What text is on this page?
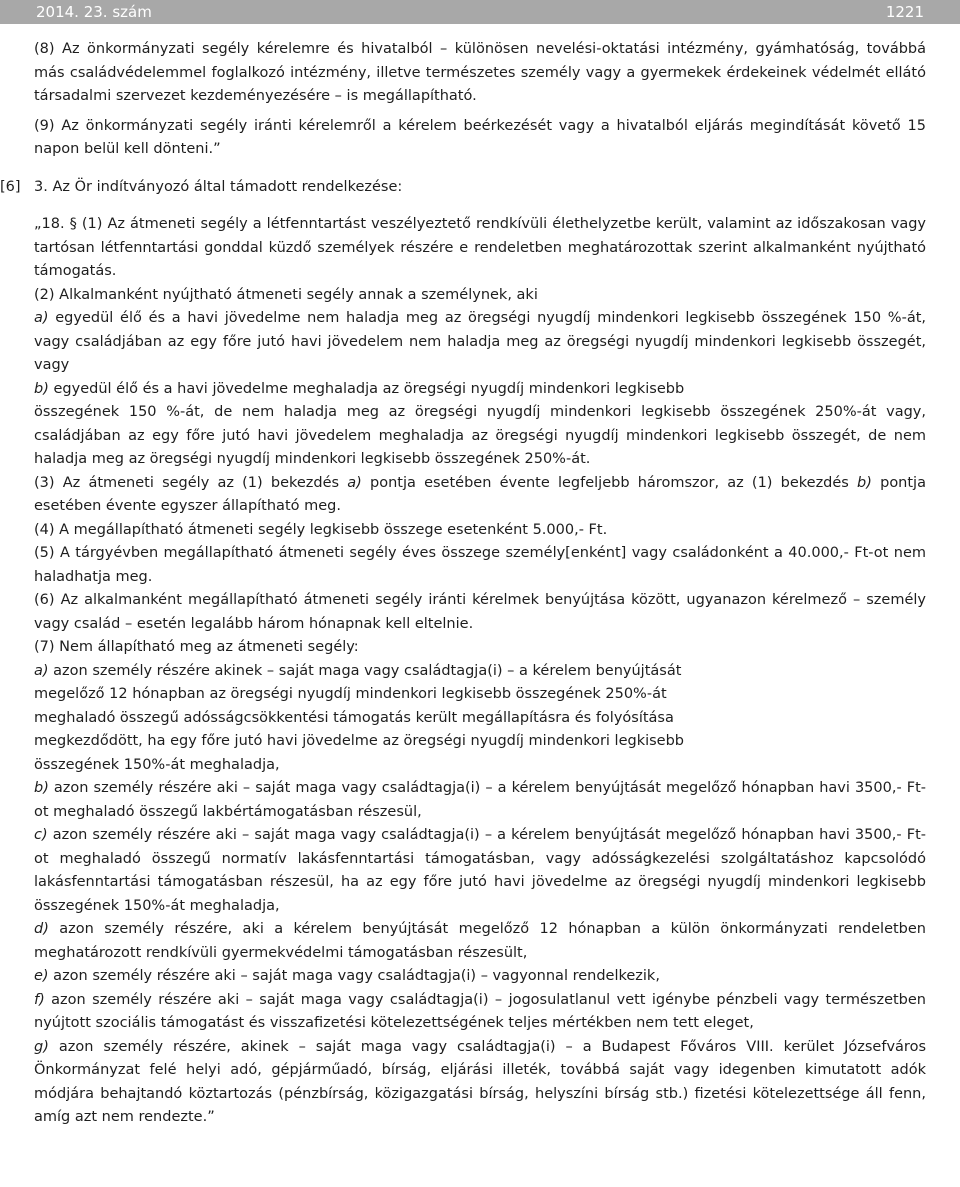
2014. 23. szám	1221

(8) Az önkormányzati segély kérelemre és hivatalból – különösen nevelési-oktatási intézmény, gyámhatóság, továbbá más családvédelemmel foglalkozó intézmény, illetve természetes személy vagy a gyermekek érdekeinek védelmét ellátó társadalmi szervezet kezdeményezésére – is megállapítható.

(9) Az önkormányzati segély iránti kérelemről a kérelem beérkezését vagy a hivatalból eljárás megindítását követő 15 napon belül kell dönteni.”

[6] 3. Az Ör indítványozó által támadott rendelkezése:

„18. § (1) Az átmeneti segély a létfenntartást veszélyeztető rendkívüli élethelyzetbe került, valamint az időszakosan vagy tartósan létfenntartási gonddal küzdő személyek részére e rendeletben meghatározottak szerint alkalmanként nyújtható támogatás.

(2) Alkalmanként nyújtható átmeneti segély annak a személynek, aki

a) egyedül élő és a havi jövedelme nem haladja meg az öregségi nyugdíj mindenkori legkisebb összegének 150 %-át, vagy családjában az egy főre jutó havi jövedelem nem haladja meg az öregségi nyugdíj mindenkori legkisebb összegét, vagy

b) egyedül élő és a havi jövedelme meghaladja az öregségi nyugdíj mindenkori legkisebb

összegének 150 %-át, de nem haladja meg az öregségi nyugdíj mindenkori legkisebb összegének 250%-át vagy, családjában az egy főre jutó havi jövedelem meghaladja az öregségi nyugdíj mindenkori legkisebb összegét, de nem haladja meg az öregségi nyugdíj mindenkori legkisebb összegének 250%-át.

(3) Az átmeneti segély az (1) bekezdés a) pontja esetében évente legfeljebb háromszor, az (1) bekezdés b) pontja esetében évente egyszer állapítható meg.

(4) A megállapítható átmeneti segély legkisebb összege esetenként 5.000,- Ft.

(5) A tárgyévben megállapítható átmeneti segély éves összege személy[enként] vagy családonként a 40.000,- Ft-ot nem haladhatja meg.

(6) Az alkalmanként megállapítható átmeneti segély iránti kérelmek benyújtása között, ugyanazon kérelmező – személy vagy család – esetén legalább három hónapnak kell eltelnie.

(7) Nem állapítható meg az átmeneti segély:

a) azon személy részére akinek – saját maga vagy családtagja(i) – a kérelem benyújtását

megelőző 12 hónapban az öregségi nyugdíj mindenkori legkisebb összegének 250%-át

meghaladó összegű adósságcsökkentési támogatás került megállapításra és folyósítása

megkezdődött, ha egy főre jutó havi jövedelme az öregségi nyugdíj mindenkori legkisebb

összegének 150%-át meghaladja,

b) azon személy részére aki – saját maga vagy családtagja(i) – a kérelem benyújtását megelőző hónapban havi 3500,- Ft-ot meghaladó összegű lakbértámogatásban részesül,

c) azon személy részére aki – saját maga vagy családtagja(i) – a kérelem benyújtását megelőző hónapban havi 3500,- Ft-ot meghaladó összegű normatív lakásfenntartási támogatásban, vagy adósságkezelési szolgáltatáshoz kapcsolódó lakásfenntartási támogatásban részesül, ha az egy főre jutó havi jövedelme az öregségi nyugdíj mindenkori legkisebb összegének 150%-át meghaladja,

d) azon személy részére, aki a kérelem benyújtását megelőző 12 hónapban a külön önkormányzati rendeletben meghatározott rendkívüli gyermekvédelmi támogatásban részesült,

e) azon személy részére aki – saját maga vagy családtagja(i) – vagyonnal rendelkezik,

f) azon személy részére aki – saját maga vagy családtagja(i) – jogosulatlanul vett igénybe pénzbeli vagy természetben nyújtott szociális támogatást és visszafizetési kötelezettségének teljes mértékben nem tett eleget,

g) azon személy részére, akinek – saját maga vagy családtagja(i) – a Budapest Főváros VIII. kerület Józsefváros Önkormányzat felé helyi adó, gépjárműadó, bírság, eljárási illeték, továbbá saját vagy idegenben kimutatott adók módjára behajtandó köztartozás (pénzbírság, közigazgatási bírság, helyszíni bírság stb.) fizetési kötelezettsége áll fenn, amíg azt nem rendezte.”
